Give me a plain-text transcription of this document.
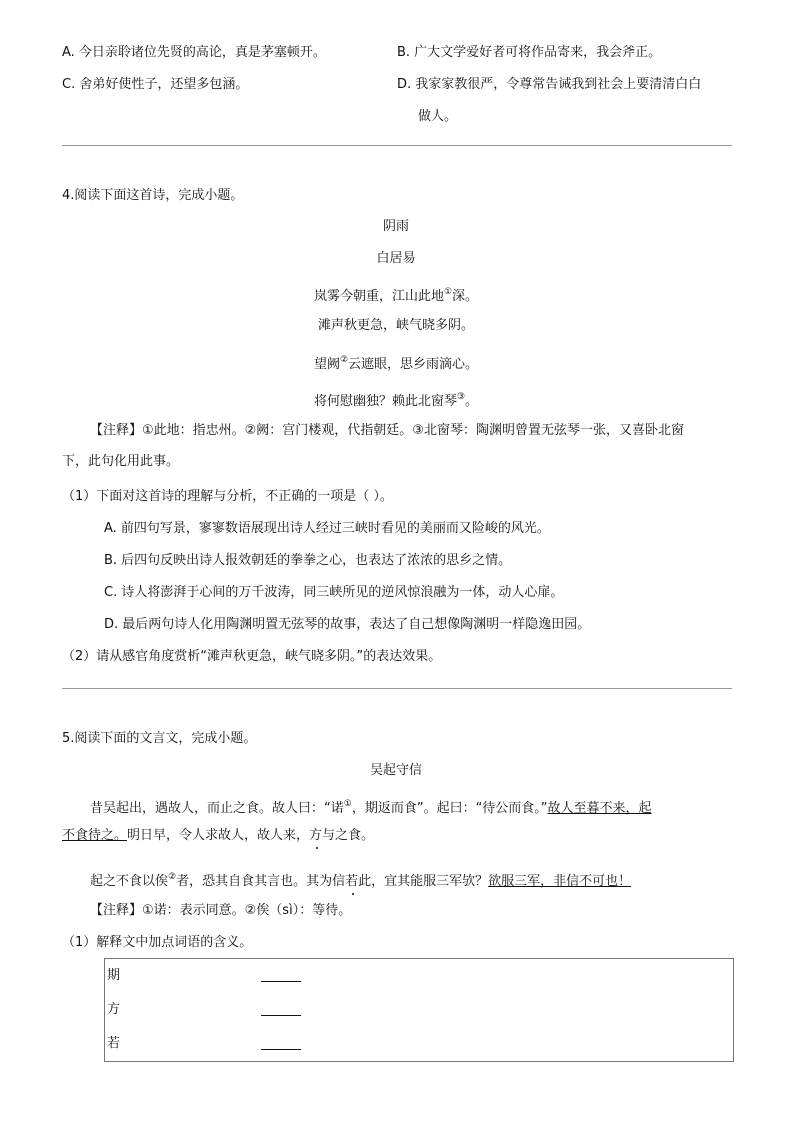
A. 今日亲聆诸位先贤的高论，真是茅塞顿开。	B. 广大文学爱好者可将作品寄来，我会斧正。
C. 舍弟好使性子，还望多包涵。	D. 我家家教很严，令尊常告诫我到社会上要清清白白
做人。
4.阅读下面这首诗，完成小题。
阴雨
白居易
岚雾今朝重，江山此地①深。
滩声秋更急，峡气晓多阴。
望阙②云遮眼，思乡雨滴心。
将何慰幽独？赖此北窗琴③。
【注释】①此地：指忠州。②阙：宫门楼观，代指朝廷。③北窗琴：陶渊明曾置无弦琴一张，又喜卧北窗
下，此句化用此事。
（1）下面对这首诗的理解与分析，不正确的一项是（ ）。
A. 前四句写景，寥寥数语展现出诗人经过三峡时看见的美丽而又险峻的风光。
B. 后四句反映出诗人报效朝廷的拳拳之心，也表达了浓浓的思乡之情。
C. 诗人将澎湃于心间的万千波涛，同三峡所见的逆风惊浪融为一体，动人心扉。
D. 最后两句诗人化用陶渊明置无弦琴的故事，表达了自己想像陶渊明一样隐逸田园。
（2）请从感官角度赏析“滩声秋更急，峡气晓多阴。”的表达效果。
5.阅读下面的文言文，完成小题。
吴起守信
昔吴起出，遇故人，而止之食。故人曰：“诺①，期返而食”。起曰：“待公而食。”故人至暮不来，起
不食待之。明日早，令人求故人，故人来，方与之食。
起之不食以俟②者，恐其自食其言也。其为信若此，宜其能服三军欤？欲服三军，非信不可也！
【注释】①诺：表示同意。②俟（sì）：等待。
（1）解释文中加点词语的含义。
期
方
若
